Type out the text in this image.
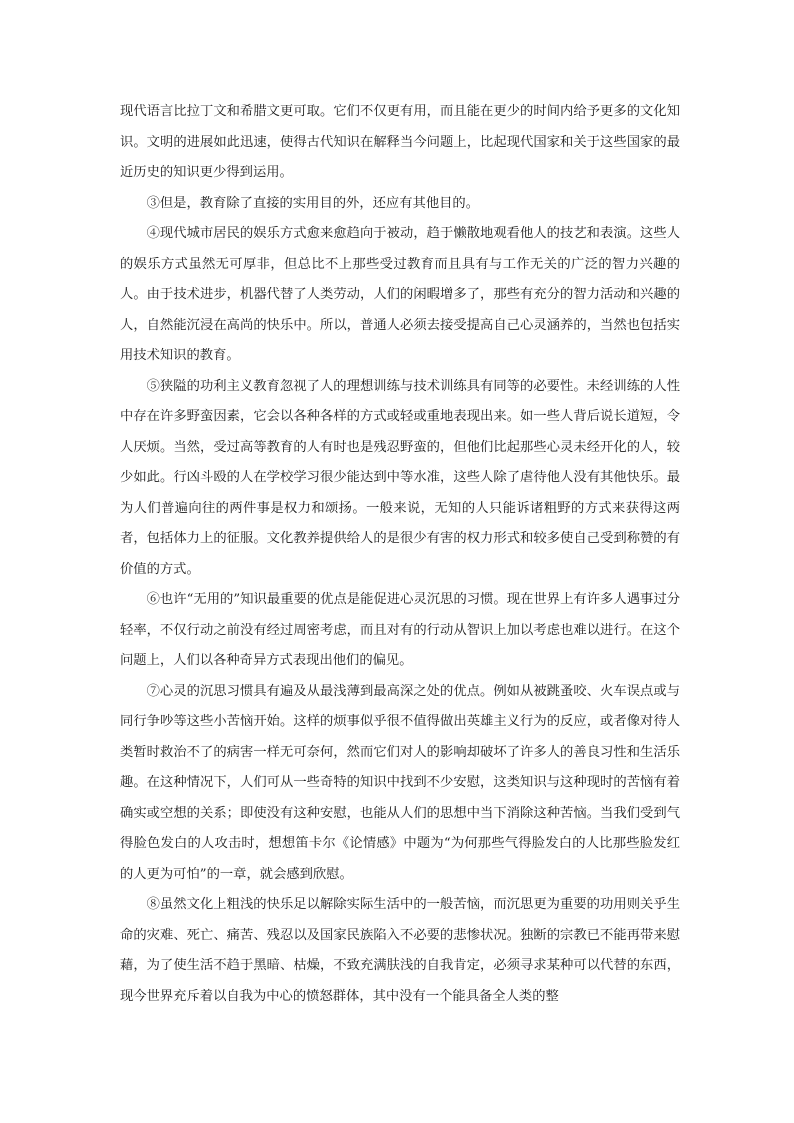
现代语言比拉丁文和希腊文更可取。它们不仅更有用，而且能在更少的时间内给予更多的文化知识。文明的进展如此迅速，使得古代知识在解释当今问题上，比起现代国家和关于这些国家的最近历史的知识更少得到运用。

③但是，教育除了直接的实用目的外，还应有其他目的。

④现代城市居民的娱乐方式愈来愈趋向于被动，趋于懒散地观看他人的技艺和表演。这些人的娱乐方式虽然无可厚非，但总比不上那些受过教育而且具有与工作无关的广泛的智力兴趣的人。由于技术进步，机器代替了人类劳动，人们的闲暇增多了，那些有充分的智力活动和兴趣的人，自然能沉浸在高尚的快乐中。所以，普通人必须去接受提高自己心灵涵养的，当然也包括实用技术知识的教育。

⑤狭隘的功利主义教育忽视了人的理想训练与技术训练具有同等的必要性。未经训练的人性中存在许多野蛮因素，它会以各种各样的方式或轻或重地表现出来。如一些人背后说长道短，令人厌烦。当然，受过高等教育的人有时也是残忍野蛮的，但他们比起那些心灵未经开化的人，较少如此。行凶斗殴的人在学校学习很少能达到中等水准，这些人除了虐待他人没有其他快乐。最为人们普遍向往的两件事是权力和颂扬。一般来说，无知的人只能诉诸粗野的方式来获得这两者，包括体力上的征服。文化教养提供给人的是很少有害的权力形式和较多使自己受到称赞的有价值的方式。

⑥也许“无用的”知识最重要的优点是能促进心灵沉思的习惯。现在世界上有许多人遇事过分轻率，不仅行动之前没有经过周密考虑，而且对有的行动从智识上加以考虑也难以进行。在这个问题上，人们以各种奇异方式表现出他们的偏见。

⑦心灵的沉思习惯具有遍及从最浅薄到最高深之处的优点。例如从被跳蚤咬、火车误点或与同行争吵等这些小苦恼开始。这样的烦事似乎很不值得做出英雄主义行为的反应，或者像对待人类暂时救治不了的病害一样无可奈何，然而它们对人的影响却破坏了许多人的善良习性和生活乐趣。在这种情况下，人们可从一些奇特的知识中找到不少安慰，这类知识与这种现时的苦恼有着确实或空想的关系；即使没有这种安慰，也能从人们的思想中当下消除这种苦恼。当我们受到气得脸色发白的人攻击时，想想笛卡尔《论情感》中题为“为何那些气得脸发白的人比那些脸发红的人更为可怕”的一章，就会感到欣慰。

⑧虽然文化上粗浅的快乐足以解除实际生活中的一般苦恼，而沉思更为重要的功用则关乎生命的灾难、死亡、痛苦、残忍以及国家民族陷入不必要的悲惨状况。独断的宗教已不能再带来慰藉，为了使生活不趋于黑暗、枯燥，不致充满肤浅的自我肯定，必须寻求某种可以代替的东西，现今世界充斥着以自我为中心的愤怒群体，其中没有一个能具备全人类的整
